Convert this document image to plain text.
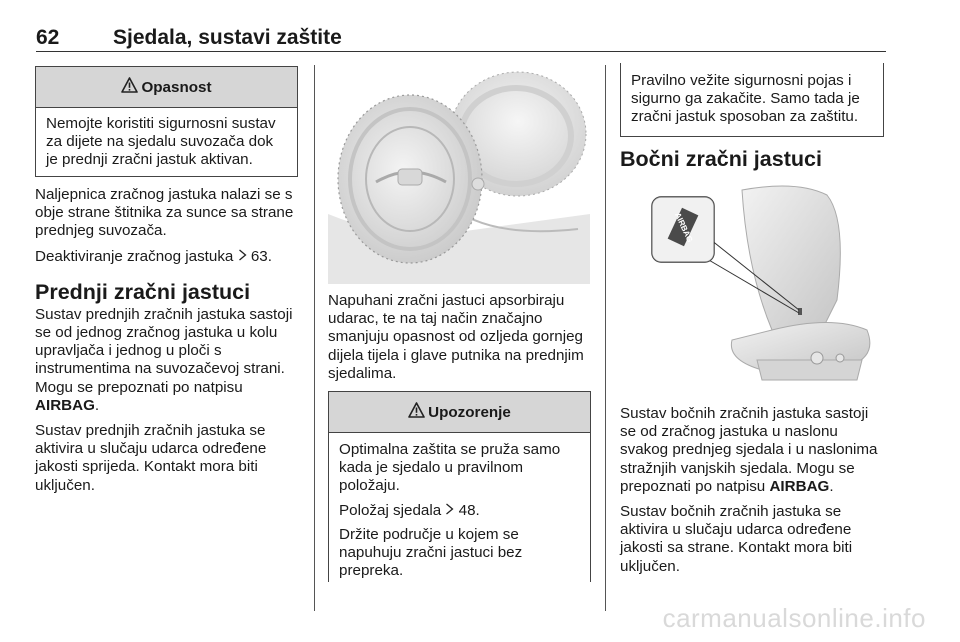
62	Sjedala, sustavi zaštite
Opasnost

Nemojte koristiti sigurnosni sustav za dijete na sjedalu suvozača dok je prednji zračni jastuk aktivan.

Naljepnica zračnog jastuka nalazi se s obje strane štitnika za sunce sa strane prednjeg suvozača.

Deaktiviranje zračnog jastuka  63.

Prednji zračni jastuci

Sustav prednjih zračnih jastuka sastoji se od jednog zračnog jastuka u kolu upravljača i jednog u ploči s instrumentima na suvozačevoj strani. Mogu se prepoznati po natpisu AIRBAG.

Sustav prednjih zračnih jastuka se aktivira u slučaju udarca određene jakosti sprijeda. Kontakt mora biti uključen.

Napuhani zračni jastuci apsorbiraju udarac, te na taj način značajno smanjuju opasnost od ozljeda gornjeg dijela tijela i glave putnika na prednjim sjedalima.

Upozorenje

Optimalna zaštita se pruža samo kada je sjedalo u pravilnom položaju.

Položaj sjedala  48.

Držite područje u kojem se napuhuju zračni jastuci bez prepreka.

Pravilno vežite sigurnosni pojas i sigurno ga zakačite. Samo tada je zračni jastuk sposoban za zaštitu.

Bočni zračni jastuci
AIRBAG

Sustav bočnih zračnih jastuka sastoji se od zračnog jastuka u naslonu svakog prednjeg sjedala i u naslonima stražnjih vanjskih sjedala. Mogu se prepoznati po natpisu AIRBAG.

Sustav bočnih zračnih jastuka se aktivira u slučaju udarca određene jakosti sa strane. Kontakt mora biti uključen.

carmanualsonline.info
